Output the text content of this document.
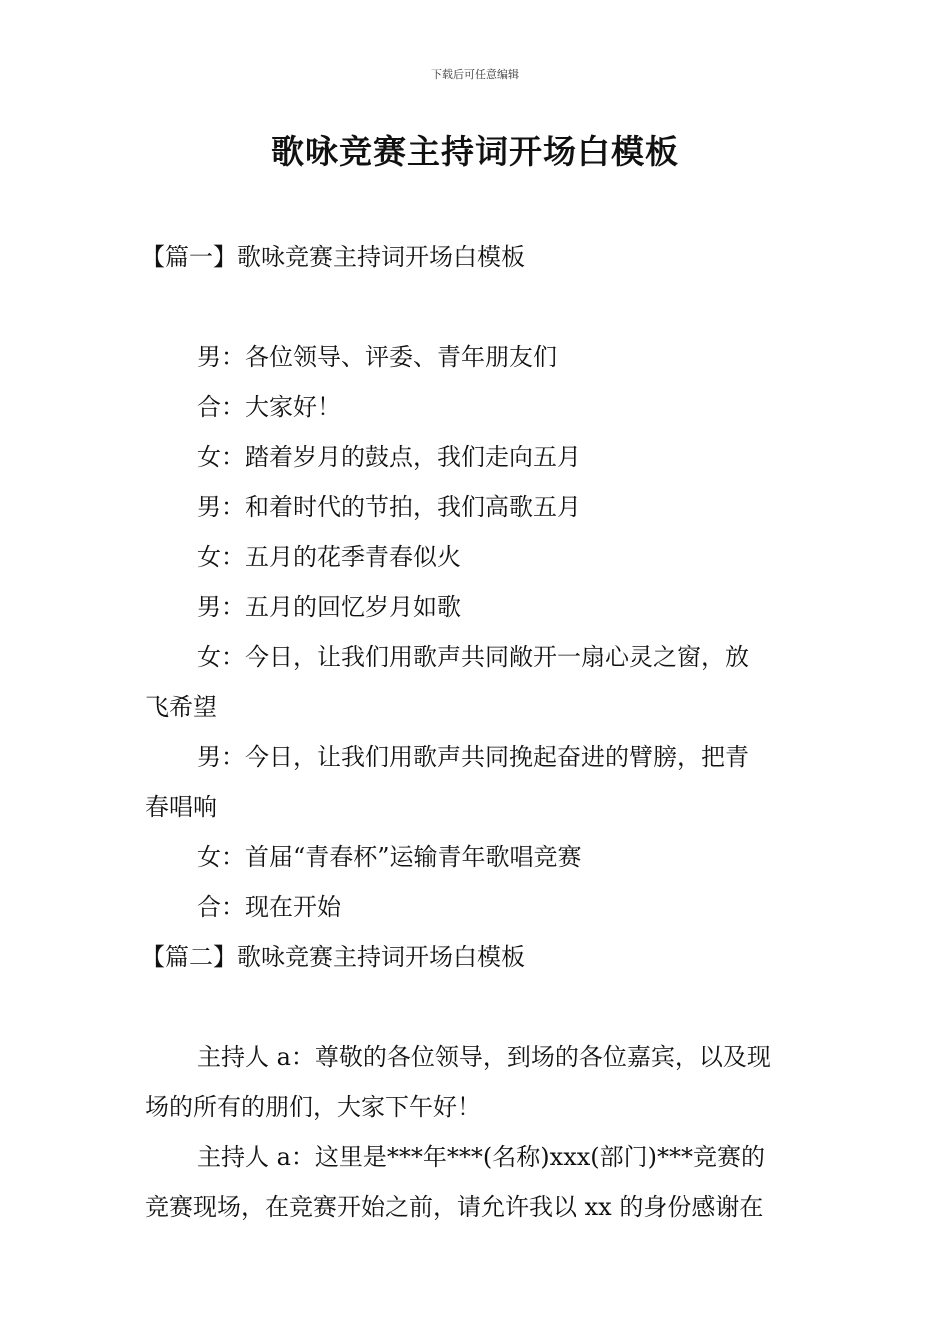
下载后可任意编辑
歌咏竞赛主持词开场白模板

【篇一】歌咏竞赛主持词开场白模板

男：各位领导、评委、青年朋友们

合：大家好！

女：踏着岁月的鼓点，我们走向五月

男：和着时代的节拍，我们高歌五月

女：五月的花季青春似火

男：五月的回忆岁月如歌

女：今日，让我们用歌声共同敞开一扇心灵之窗，放

飞希望

男：今日，让我们用歌声共同挽起奋进的臂膀，把青

春唱响

女：首届“青春杯”运输青年歌唱竞赛

合：现在开始

【篇二】歌咏竞赛主持词开场白模板

主持人 a：尊敬的各位领导，到场的各位嘉宾，以及现

场的所有的朋们，大家下午好！

主持人 a：这里是***年***(名称)xxx(部门)***竞赛的

竞赛现场，在竞赛开始之前，请允许我以 xx 的身份感谢在
